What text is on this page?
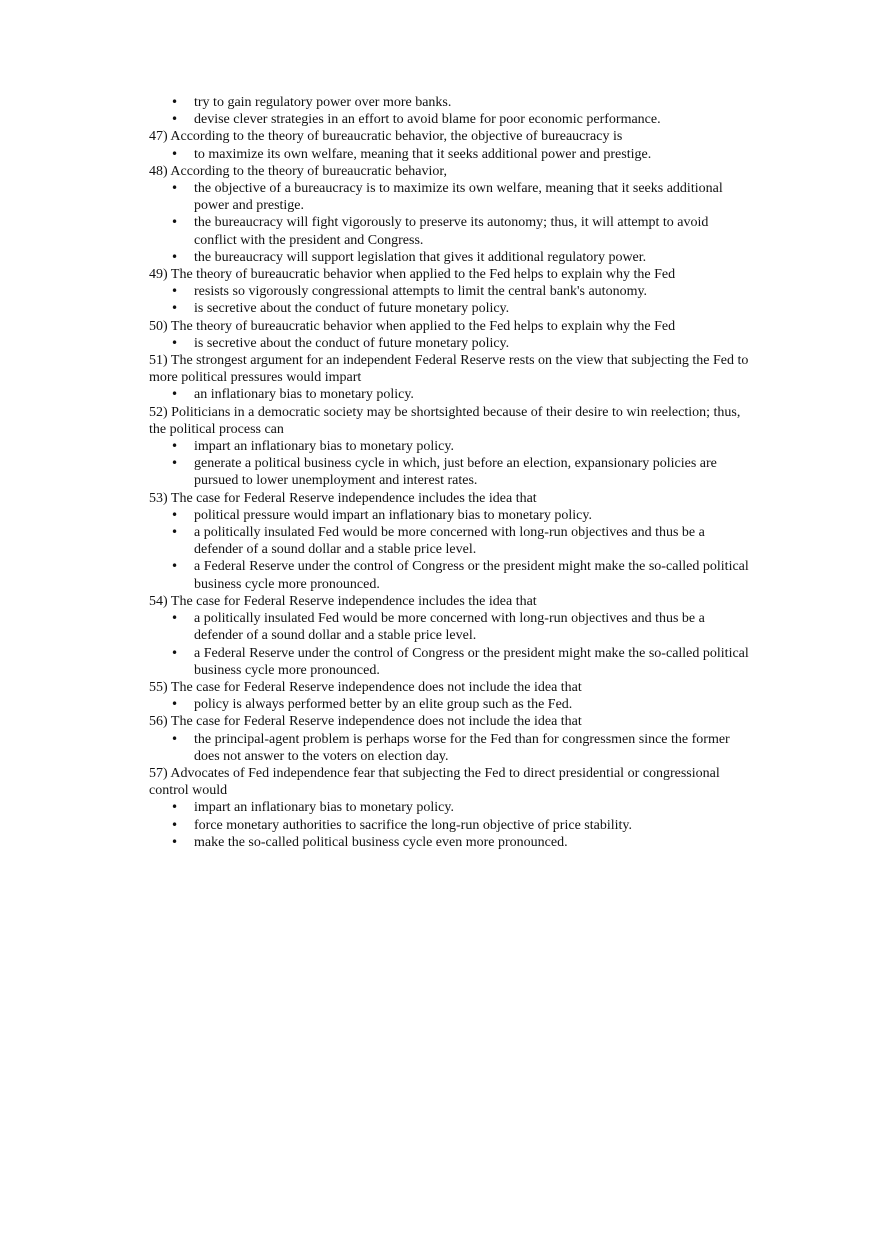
• try to gain regulatory power over more banks.
• devise clever strategies in an effort to avoid blame for poor economic performance.

47) According to the theory of bureaucratic behavior, the objective of bureaucracy is

• to maximize its own welfare, meaning that it seeks additional power and prestige.

48) According to the theory of bureaucratic behavior,

• the objective of a bureaucracy is to maximize its own welfare, meaning that it seeks additional power and prestige.
• the bureaucracy will fight vigorously to preserve its autonomy; thus, it will attempt to avoid conflict with the president and Congress.
• the bureaucracy will support legislation that gives it additional regulatory power.

49) The theory of bureaucratic behavior when applied to the Fed helps to explain why the Fed

• resists so vigorously congressional attempts to limit the central bank's autonomy.
• is secretive about the conduct of future monetary policy.

50) The theory of bureaucratic behavior when applied to the Fed helps to explain why the Fed

• is secretive about the conduct of future monetary policy.

51) The strongest argument for an independent Federal Reserve rests on the view that subjecting the Fed to more political pressures would impart

• an inflationary bias to monetary policy.

52) Politicians in a democratic society may be shortsighted because of their desire to win reelection; thus, the political process can

• impart an inflationary bias to monetary policy.
• generate a political business cycle in which, just before an election, expansionary policies are pursued to lower unemployment and interest rates.

53) The case for Federal Reserve independence includes the idea that

• political pressure would impart an inflationary bias to monetary policy.
• a politically insulated Fed would be more concerned with long-run objectives and thus be a defender of a sound dollar and a stable price level.
• a Federal Reserve under the control of Congress or the president might make the so-called political business cycle more pronounced.

54) The case for Federal Reserve independence includes the idea that

• a politically insulated Fed would be more concerned with long-run objectives and thus be a defender of a sound dollar and a stable price level.
• a Federal Reserve under the control of Congress or the president might make the so-called political business cycle more pronounced.

55) The case for Federal Reserve independence does not include the idea that

• policy is always performed better by an elite group such as the Fed.

56) The case for Federal Reserve independence does not include the idea that

• the principal-agent problem is perhaps worse for the Fed than for congressmen since the former does not answer to the voters on election day.

57) Advocates of Fed independence fear that subjecting the Fed to direct presidential or congressional control would

• impart an inflationary bias to monetary policy.
• force monetary authorities to sacrifice the long-run objective of price stability.
• make the so-called political business cycle even more pronounced.
